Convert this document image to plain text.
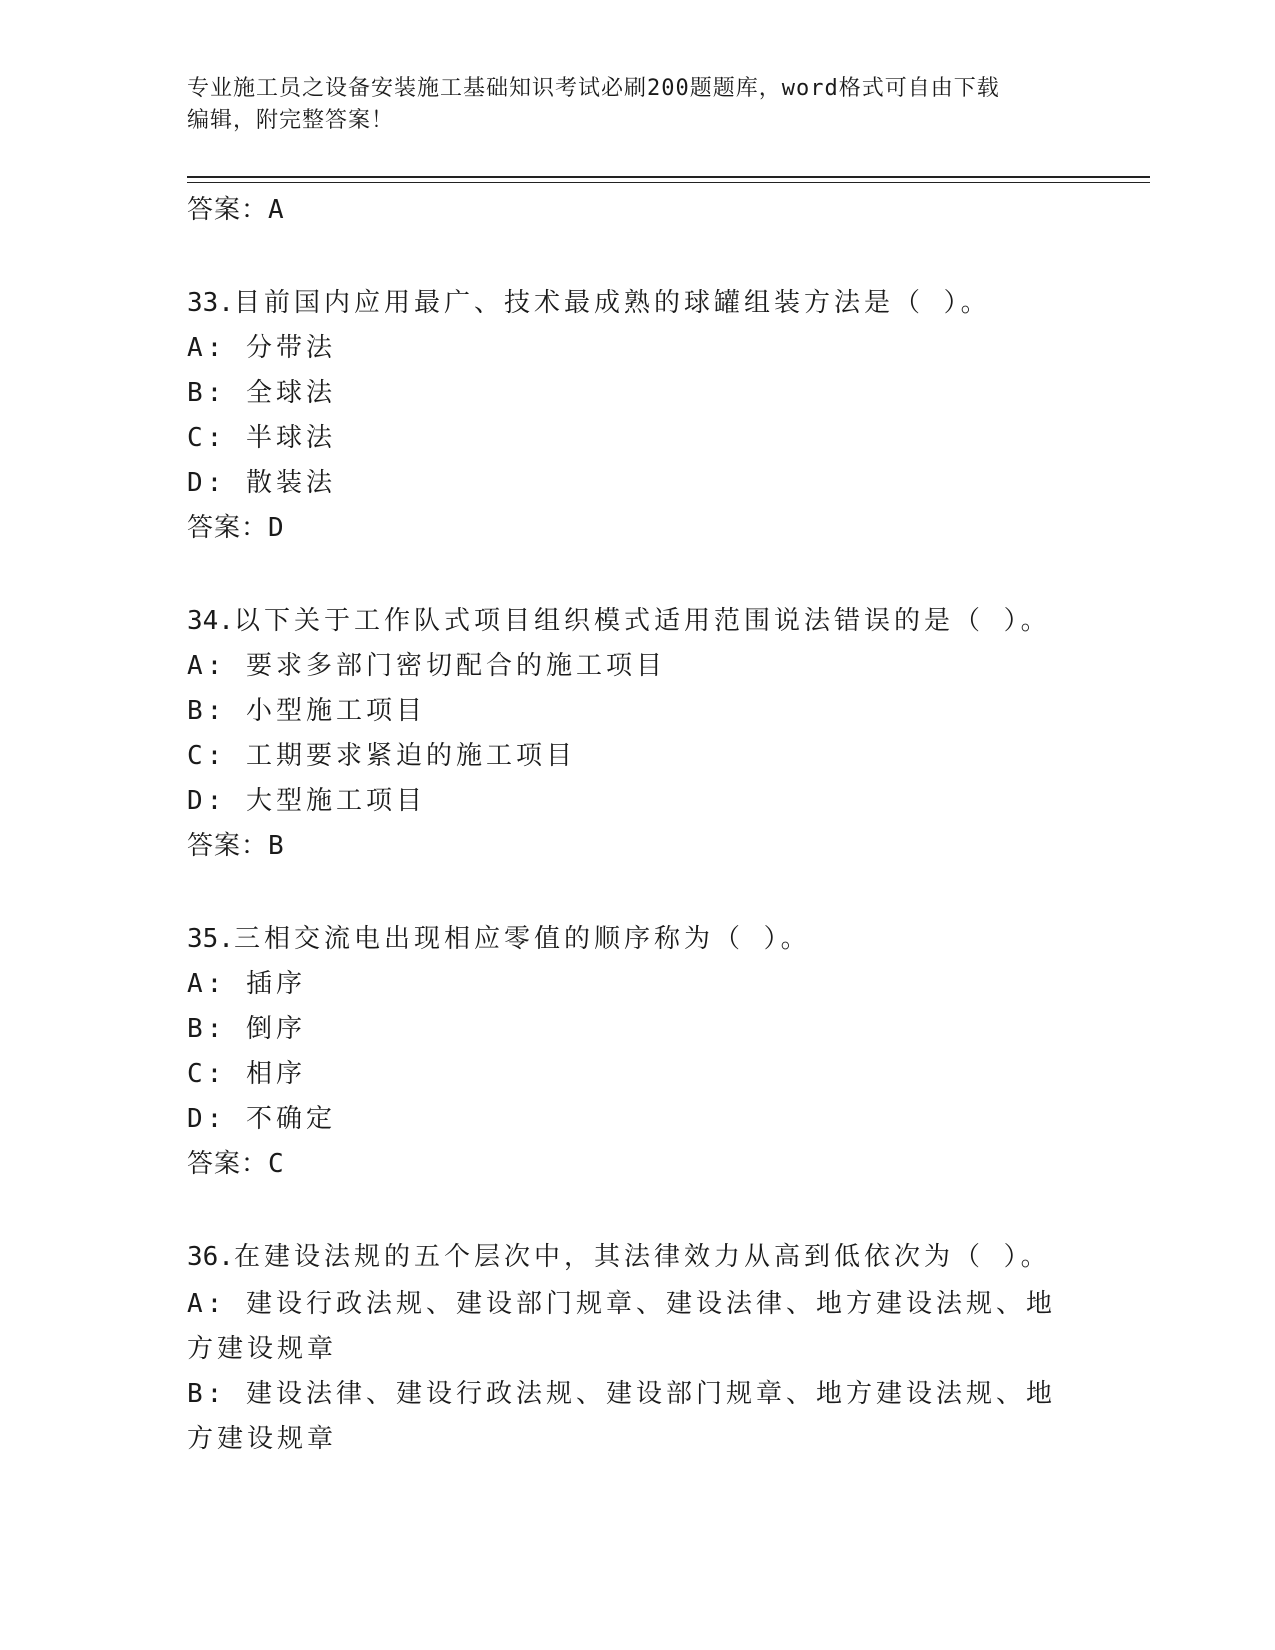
专业施工员之设备安装施工基础知识考试必刷200题题库，word格式可自由下载
编辑，附完整答案！
答案：A
33.目前国内应用最广、技术最成熟的球罐组装方法是（ ）。
A: 分带法
B: 全球法
C: 半球法
D: 散装法
答案：D
34.以下关于工作队式项目组织模式适用范围说法错误的是（ ）。
A: 要求多部门密切配合的施工项目
B: 小型施工项目
C: 工期要求紧迫的施工项目
D: 大型施工项目
答案：B
35.三相交流电出现相应零值的顺序称为（ ）。
A: 插序
B: 倒序
C: 相序
D: 不确定
答案：C
36.在建设法规的五个层次中，其法律效力从高到低依次为（ ）。
A: 建设行政法规、建设部门规章、建设法律、地方建设法规、地方建设规章
B: 建设法律、建设行政法规、建设部门规章、地方建设法规、地方建设规章
